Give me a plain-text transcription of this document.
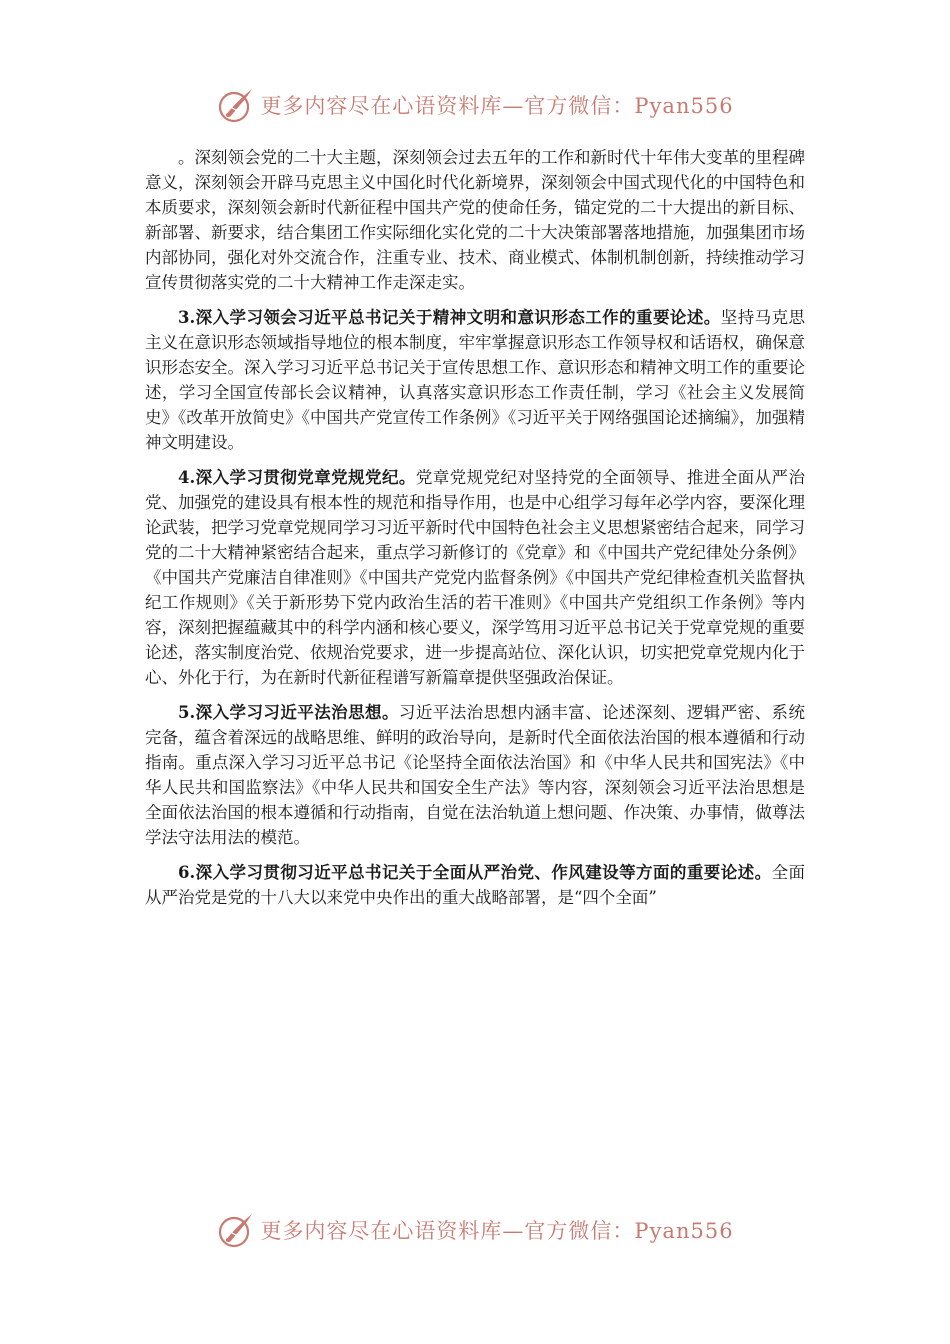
更多内容尽在心语资料库—官方微信：Pyan556

。深刻领会党的二十大主题，深刻领会过去五年的工作和新时代十年伟大变革的里程碑意义，深刻领会开辟马克思主义中国化时代化新境界，深刻领会中国式现代化的中国特色和本质要求，深刻领会新时代新征程中国共产党的使命任务，锚定党的二十大提出的新目标、新部署、新要求，结合集团工作实际细化实化党的二十大决策部署落地措施，加强集团市场内部协同，强化对外交流合作，注重专业、技术、商业模式、体制机制创新，持续推动学习宣传贯彻落实党的二十大精神工作走深走实。

3.深入学习领会习近平总书记关于精神文明和意识形态工作的重要论述。坚持马克思主义在意识形态领域指导地位的根本制度，牢牢掌握意识形态工作领导权和话语权，确保意识形态安全。深入学习习近平总书记关于宣传思想工作、意识形态和精神文明工作的重要论述，学习全国宣传部长会议精神，认真落实意识形态工作责任制，学习《社会主义发展简史》《改革开放简史》《中国共产党宣传工作条例》《习近平关于网络强国论述摘编》，加强精神文明建设。

4.深入学习贯彻党章党规党纪。党章党规党纪对坚持党的全面领导、推进全面从严治党、加强党的建设具有根本性的规范和指导作用，也是中心组学习每年必学内容，要深化理论武装，把学习党章党规同学习习近平新时代中国特色社会主义思想紧密结合起来，同学习党的二十大精神紧密结合起来，重点学习新修订的《党章》和《中国共产党纪律处分条例》《中国共产党廉洁自律准则》《中国共产党党内监督条例》《中国共产党纪律检查机关监督执纪工作规则》《关于新形势下党内政治生活的若干准则》《中国共产党组织工作条例》等内容，深刻把握蕴藏其中的科学内涵和核心要义，深学笃用习近平总书记关于党章党规的重要论述，落实制度治党、依规治党要求，进一步提高站位、深化认识，切实把党章党规内化于心、外化于行，为在新时代新征程谱写新篇章提供坚强政治保证。

5.深入学习习近平法治思想。习近平法治思想内涵丰富、论述深刻、逻辑严密、系统完备，蕴含着深远的战略思维、鲜明的政治导向，是新时代全面依法治国的根本遵循和行动指南。重点深入学习习近平总书记《论坚持全面依法治国》和《中华人民共和国宪法》《中华人民共和国监察法》《中华人民共和国安全生产法》等内容，深刻领会习近平法治思想是全面依法治国的根本遵循和行动指南，自觉在法治轨道上想问题、作决策、办事情，做尊法学法守法用法的模范。

6.深入学习贯彻习近平总书记关于全面从严治党、作风建设等方面的重要论述。全面从严治党是党的十八大以来党中央作出的重大战略部署，是“四个全面”

更多内容尽在心语资料库—官方微信：Pyan556
